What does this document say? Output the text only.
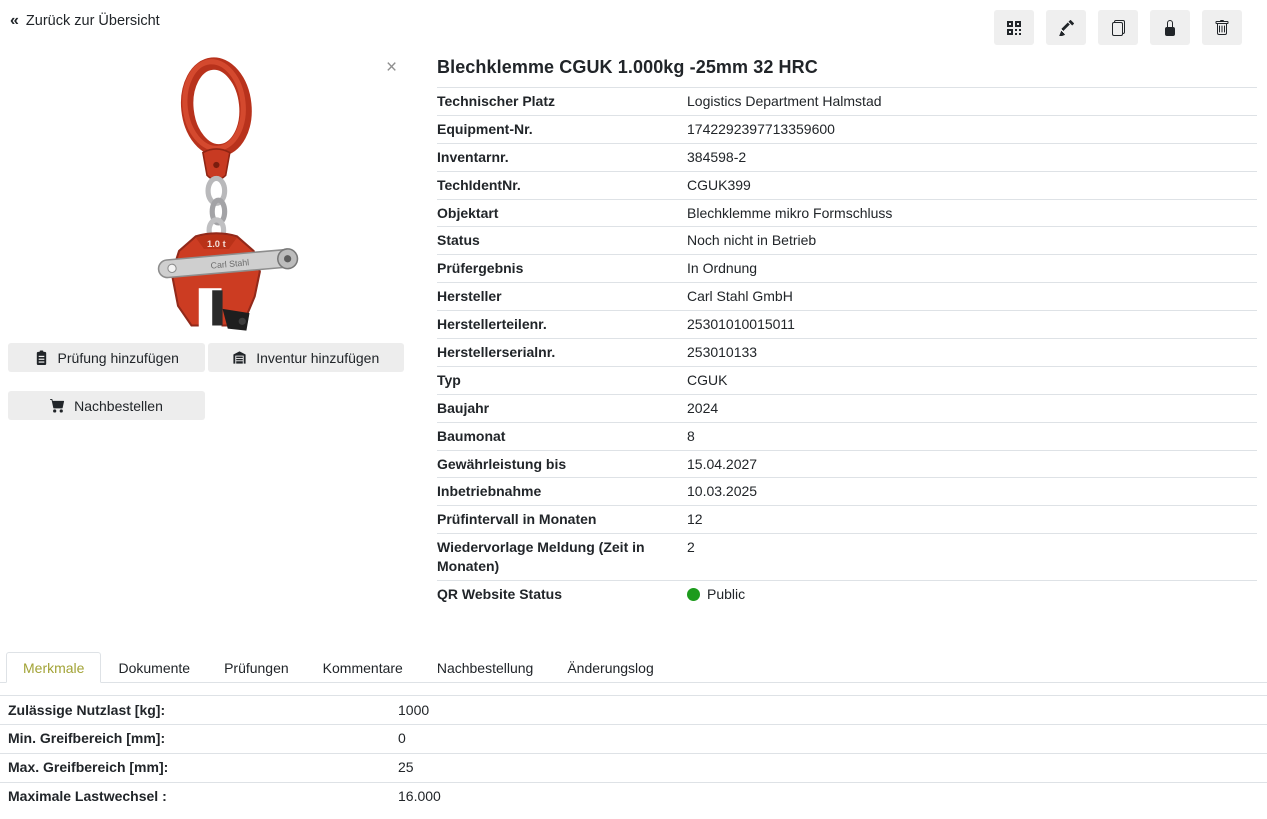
« Zurück zur Übersicht
1.0 t
Carl Stahl
×
Prüfung hinzufügen	Inventur hinzufügen
Nachbestellen
Blechklemme CGUK 1.000kg -25mm 32 HRC
Technischer Platz	Logistics Department Halmstad
Equipment-Nr.	1742292397713359600
Inventarnr.	384598-2
TechIdentNr.	CGUK399
Objektart	Blechklemme mikro Formschluss
Status	Noch nicht in Betrieb
Prüfergebnis	In Ordnung
Hersteller	Carl Stahl GmbH
Herstellerteilenr.	25301010015011
Herstellerserialnr.	253010133
Typ	CGUK
Baujahr	2024
Baumonat	8
Gewährleistung bis	15.04.2027
Inbetriebnahme	10.03.2025
Prüfintervall in Monaten	12
Wiedervorlage Meldung (Zeit in Monaten)	2
QR Website Status	Public
Merkmale	Dokumente	Prüfungen	Kommentare	Nachbestellung	Änderungslog
Zulässige Nutzlast [kg]:	1000
Min. Greifbereich [mm]:	0
Max. Greifbereich [mm]:	25
Maximale Lastwechsel :	16.000
